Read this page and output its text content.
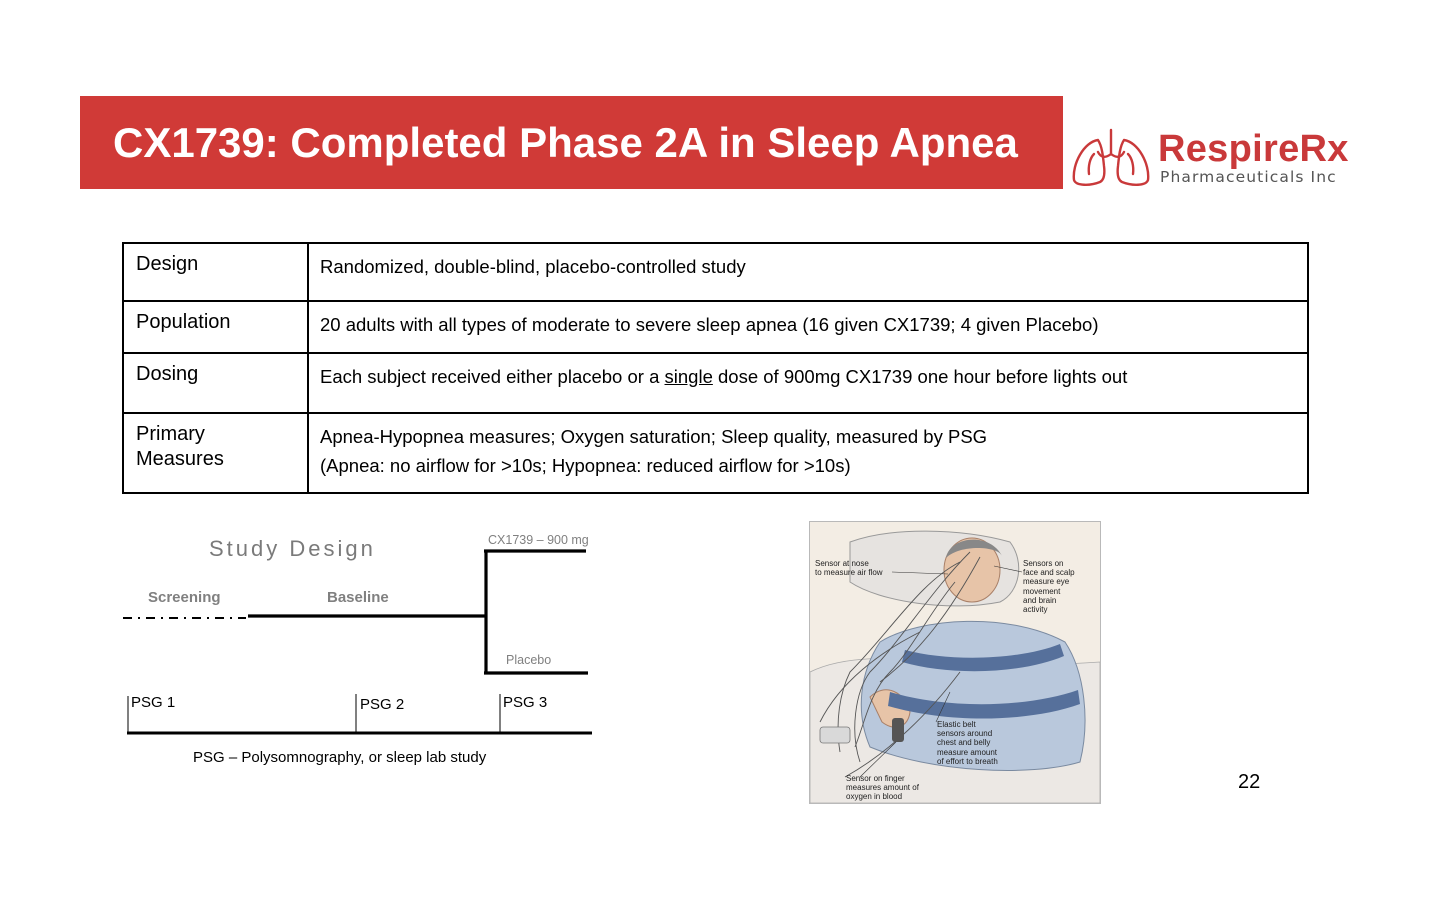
CX1739: Completed Phase 2A in Sleep Apnea	RespireRx
Pharmaceuticals Inc
Design	Randomized, double-blind, placebo-controlled study
Population	20 adults with all types of moderate to severe sleep apnea (16 given CX1739; 4 given Placebo)
Dosing	Each subject received either placebo or a single dose of 900mg CX1739 one hour before lights out
Primary Measures	Apnea-Hypopnea measures; Oxygen saturation; Sleep quality, measured by PSG
(Apnea: no airflow for >10s; Hypopnea: reduced airflow for >10s)
Study Design	CX1739 – 900 mg
Screening	Baseline
Placebo
PSG 1	PSG 2	PSG 3
PSG – Polysomnography, or sleep lab study
Sensor at nose
to measure air flow
Sensors on
face and scalp
measure eye
movement
and brain
activity
Elastic belt
sensors around
chest and belly
measure amount
of effort to breath
Sensor on finger
measures amount of
oxygen in blood
22
